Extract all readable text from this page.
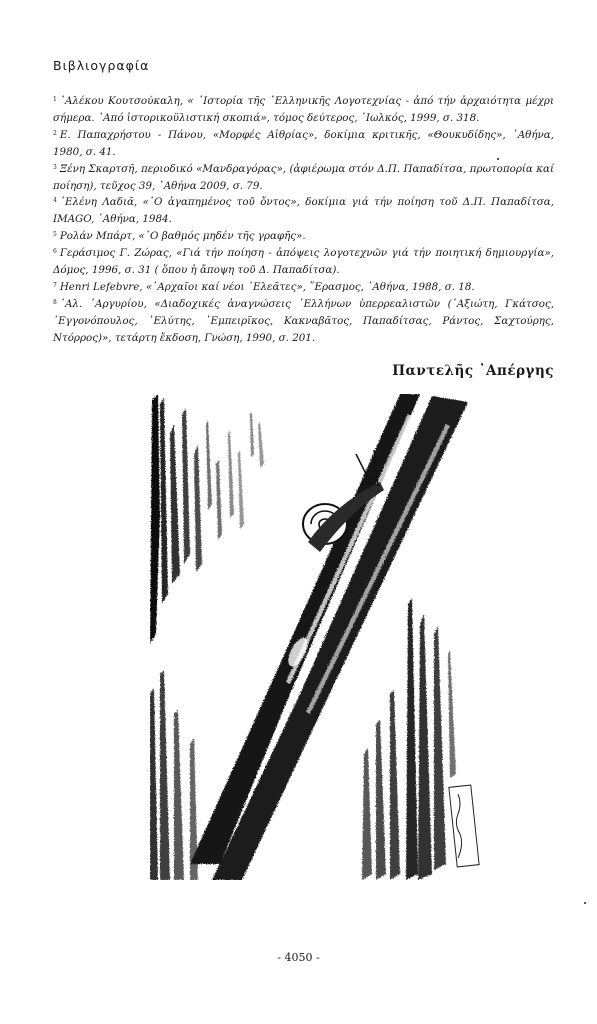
Βιβλιογραφία

$^1$ ᾽Αλέκου Κουτσούκαλη, « ᾽Ιστορία τῆς ᾽Ελληνικῆς Λογοτεχνίας - ἀπό τήν ἀρχαιότητα μέχρι σήμερα. ᾽Από ἱστορικοϋλιστική σκοπιά», τόμος δεύτερος, ᾽Ιωλκός, 1999, σ. 318.

$^2$ Ε. Παπαχρήστου - Πάνου, «Μορφές Αἰθρίας», δοκίμια κριτικῆς, «Θουκυδίδης», ᾽Αθήνα, 1980, σ. 41.

$^3$ Ξένη Σκαρτσῆ, περιοδικό «Μανδραγόρας», (ἀφιέρωμα στόν Δ.Π. Παπαδίτσα, πρωτοπορία καί ποίηση), τεῦχος 39, ᾽Αθήνα 2009, σ. 79.

$^4$ ᾽Ελένη Λαδιᾶ, «᾽Ο ἀγαπημένος τοῦ ὄντος», δοκίμια γιά τήν ποίηση τοῦ Δ.Π. Παπαδίτσα, IMAGO, ᾽Αθήνα, 1984.

$^5$ Ρολάν Μπάρτ, «᾽Ο βαθμός μηδέν τῆς γραφῆς».

$^6$ Γεράσιμος Γ. Ζώρας, «Γιά τήν ποίηση - ἀπόψεις λογοτεχνῶν γιά τήν ποιητική δημιουργία», Δόμος, 1996, σ. 31 ( ὅπου ἡ ἄποψη τοῦ Δ. Παπαδίτσα).

$^7$ Henri Lefebvre, «᾽Αρχαῖοι καί νέοι ᾽Ελεᾶτες», ῞Ερασμος, ᾽Αθήνα, 1988, σ. 18.

$^8$ ᾽Αλ. ᾽Αργυρίου, «Διαδοχικές ἀναγνώσεις ᾽Ελλήνων ὑπερρεαλιστῶν (᾽Αξιώτη, Γκάτσος, ᾽Εγγονόπουλος, ᾽Ελύτης, ᾽Εμπειρῖκος, Κακναβᾶτος, Παπαδίτσας, Ράντος, Σαχτούρης, Ντόρρος)», τετάρτη ἔκδοση, Γνώση, 1990, σ. 201.

Παντελῆς ᾽Απέργης
- 4050 -
